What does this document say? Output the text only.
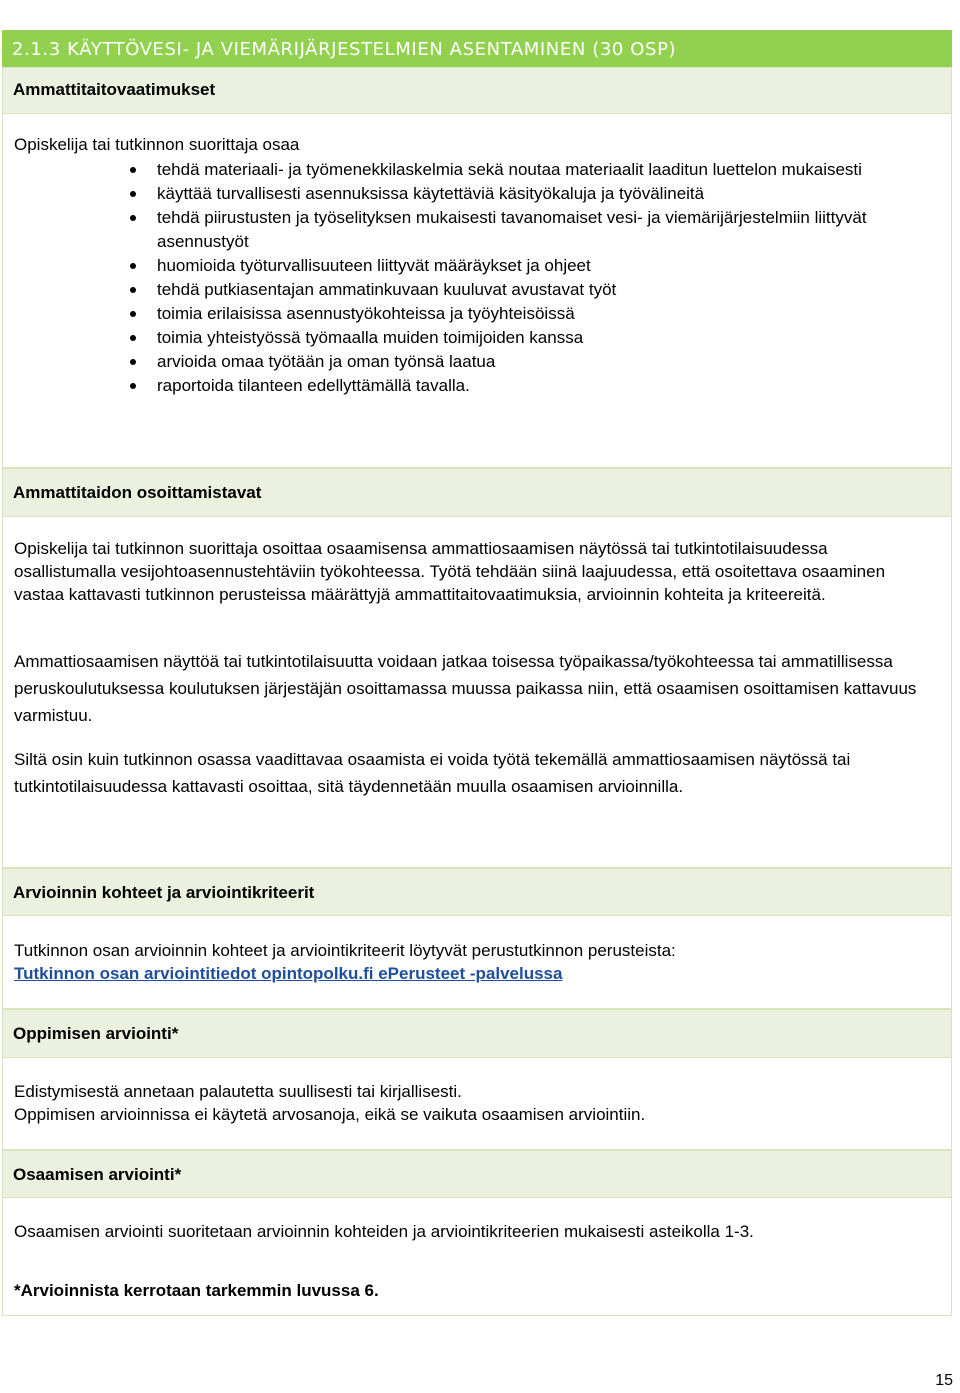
2.1.3 KÄYTTÖVESI- JA VIEMÄRIJÄRJESTELMIEN ASENTAMINEN (30 OSP)
Ammattitaitovaatimukset
Opiskelija tai tutkinnon suorittaja osaa
tehdä materiaali- ja työmenekkilaskelmia sekä noutaa materiaalit laaditun luettelon mukaisesti
käyttää turvallisesti asennuksissa käytettäviä käsityökaluja ja työvälineitä
tehdä piirustusten ja työselityksen mukaisesti tavanomaiset vesi- ja viemärijärjestelmiin liittyvät asennustyöt
huomioida työturvallisuuteen liittyvät määräykset ja ohjeet
tehdä putkiasentajan ammatinkuvaan kuuluvat avustavat työt
toimia erilaisissa asennustyökohteissa ja työyhteisöissä
toimia yhteistyössä työmaalla muiden toimijoiden kanssa
arvioida omaa työtään ja oman työnsä laatua
raportoida tilanteen edellyttämällä tavalla.
Ammattitaidon osoittamistavat
Opiskelija tai tutkinnon suorittaja osoittaa osaamisensa ammattiosaamisen näytössä tai tutkintotilaisuudessa osallistumalla vesijohtoasennustehtäviin työkohteessa. Työtä tehdään siinä laajuudessa, että osoitettava osaaminen vastaa kattavasti tutkinnon perusteissa määrättyjä ammattitaitovaatimuksia, arvioinnin kohteita ja kriteereitä.
Ammattiosaamisen näyttöä tai tutkintotilaisuutta voidaan jatkaa toisessa työpaikassa/työkohteessa tai ammatillisessa peruskoulutuksessa koulutuksen järjestäjän osoittamassa muussa paikassa niin, että osaamisen osoittamisen kattavuus varmistuu.
Siltä osin kuin tutkinnon osassa vaadittavaa osaamista ei voida työtä tekemällä ammattiosaamisen näytössä tai tutkintotilaisuudessa kattavasti osoittaa, sitä täydennetään muulla osaamisen arvioinnilla.
Arvioinnin kohteet ja arviointikriteerit
Tutkinnon osan arvioinnin kohteet ja arviointikriteerit löytyvät perustutkinnon perusteista:
Tutkinnon osan arviointitiedot opintopolku.fi ePerusteet -palvelussa
Oppimisen arviointi*
Edistymisestä annetaan palautetta suullisesti tai kirjallisesti.
Oppimisen arvioinnissa ei käytetä arvosanoja, eikä se vaikuta osaamisen arviointiin.
Osaamisen arviointi*
Osaamisen arviointi suoritetaan arvioinnin kohteiden ja arviointikriteerien mukaisesti asteikolla 1-3.
*Arvioinnista kerrotaan tarkemmin luvussa 6.
15
